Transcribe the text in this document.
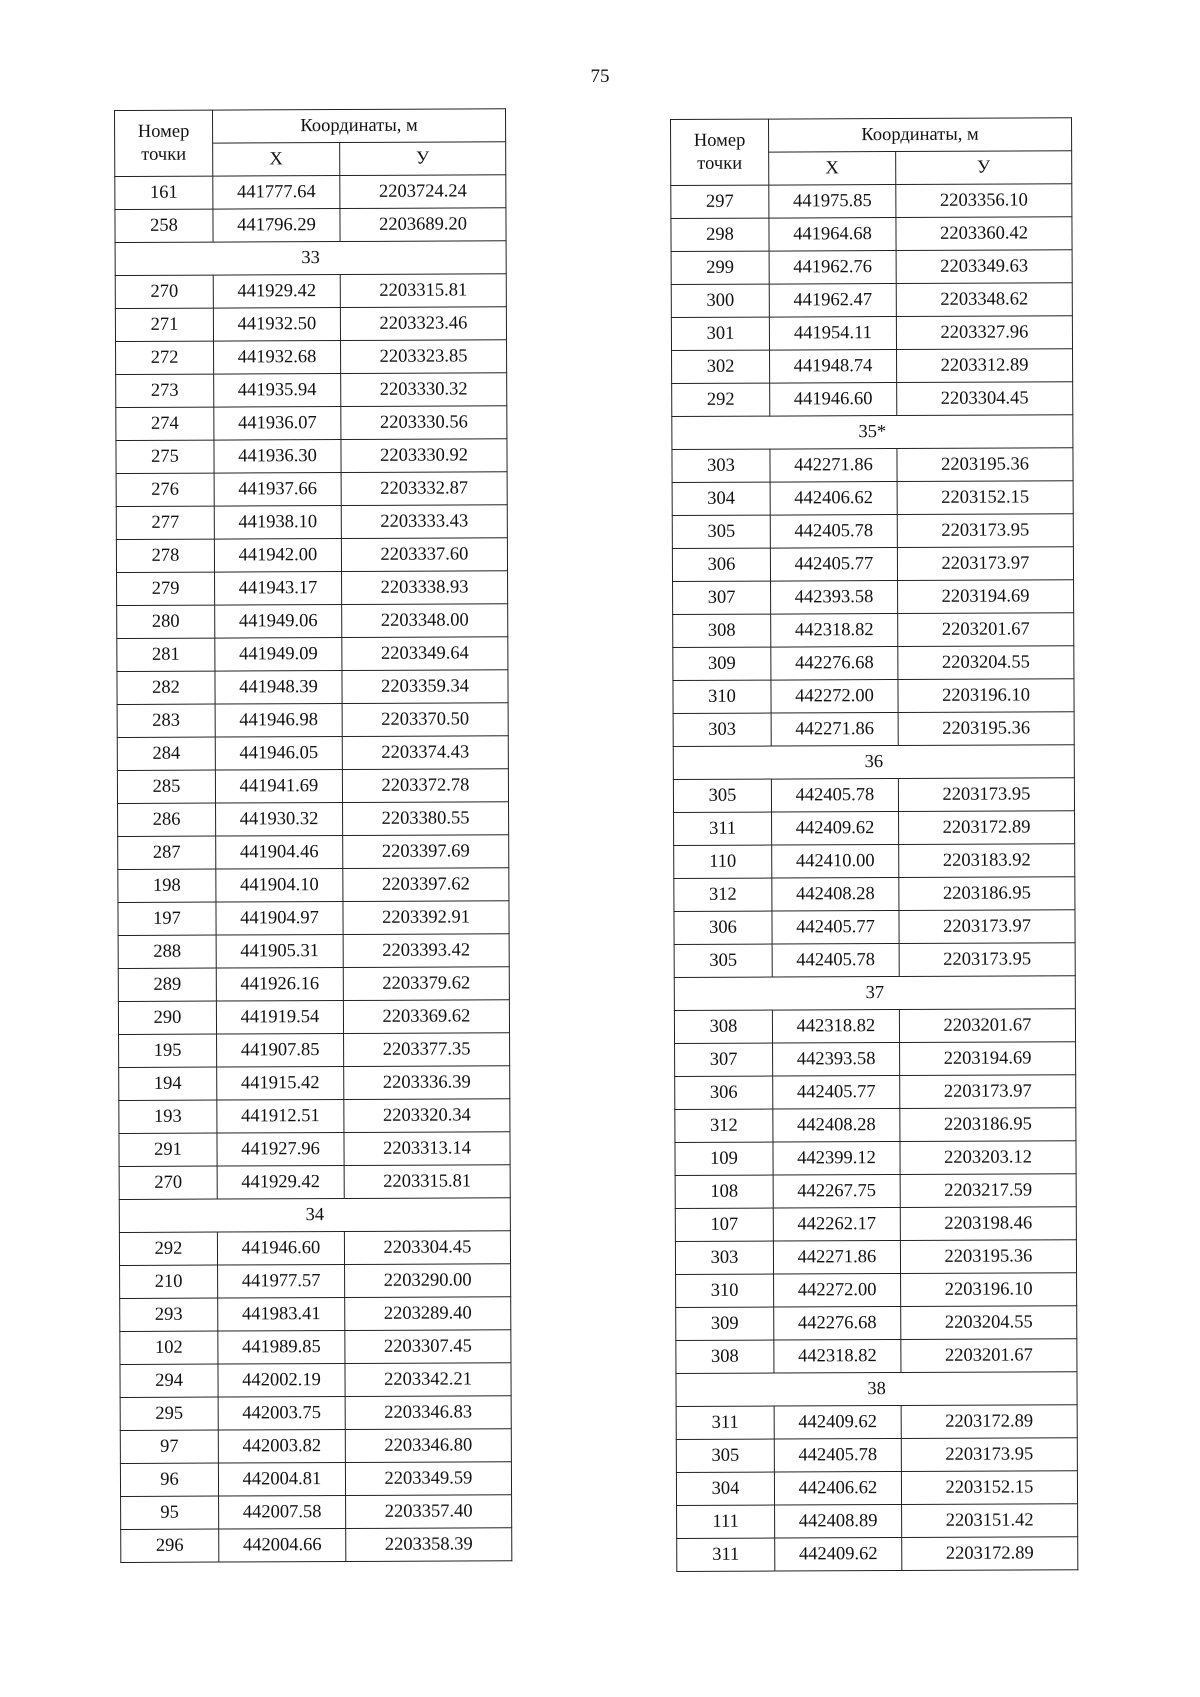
75
Номер точки	Координаты, м	
	X	У
161	441777.64	2203724.24
258	441796.29	2203689.20
33		
270	441929.42	2203315.81
271	441932.50	2203323.46
272	441932.68	2203323.85
273	441935.94	2203330.32
274	441936.07	2203330.56
275	441936.30	2203330.92
276	441937.66	2203332.87
277	441938.10	2203333.43
278	441942.00	2203337.60
279	441943.17	2203338.93
280	441949.06	2203348.00
281	441949.09	2203349.64
282	441948.39	2203359.34
283	441946.98	2203370.50
284	441946.05	2203374.43
285	441941.69	2203372.78
286	441930.32	2203380.55
287	441904.46	2203397.69
198	441904.10	2203397.62
197	441904.97	2203392.91
288	441905.31	2203393.42
289	441926.16	2203379.62
290	441919.54	2203369.62
195	441907.85	2203377.35
194	441915.42	2203336.39
193	441912.51	2203320.34
291	441927.96	2203313.14
270	441929.42	2203315.81
34		
292	441946.60	2203304.45
210	441977.57	2203290.00
293	441983.41	2203289.40
102	441989.85	2203307.45
294	442002.19	2203342.21
295	442003.75	2203346.83
97	442003.82	2203346.80
96	442004.81	2203349.59
95	442007.58	2203357.40
296	442004.66	2203358.39
Номер точки	Координаты, м	
	X	У
297	441975.85	2203356.10
298	441964.68	2203360.42
299	441962.76	2203349.63
300	441962.47	2203348.62
301	441954.11	2203327.96
302	441948.74	2203312.89
292	441946.60	2203304.45
35*		
303	442271.86	2203195.36
304	442406.62	2203152.15
305	442405.78	2203173.95
306	442405.77	2203173.97
307	442393.58	2203194.69
308	442318.82	2203201.67
309	442276.68	2203204.55
310	442272.00	2203196.10
303	442271.86	2203195.36
36		
305	442405.78	2203173.95
311	442409.62	2203172.89
110	442410.00	2203183.92
312	442408.28	2203186.95
306	442405.77	2203173.97
305	442405.78	2203173.95
37		
308	442318.82	2203201.67
307	442393.58	2203194.69
306	442405.77	2203173.97
312	442408.28	2203186.95
109	442399.12	2203203.12
108	442267.75	2203217.59
107	442262.17	2203198.46
303	442271.86	2203195.36
310	442272.00	2203196.10
309	442276.68	2203204.55
308	442318.82	2203201.67
38		
311	442409.62	2203172.89
305	442405.78	2203173.95
304	442406.62	2203152.15
111	442408.89	2203151.42
311	442409.62	2203172.89
